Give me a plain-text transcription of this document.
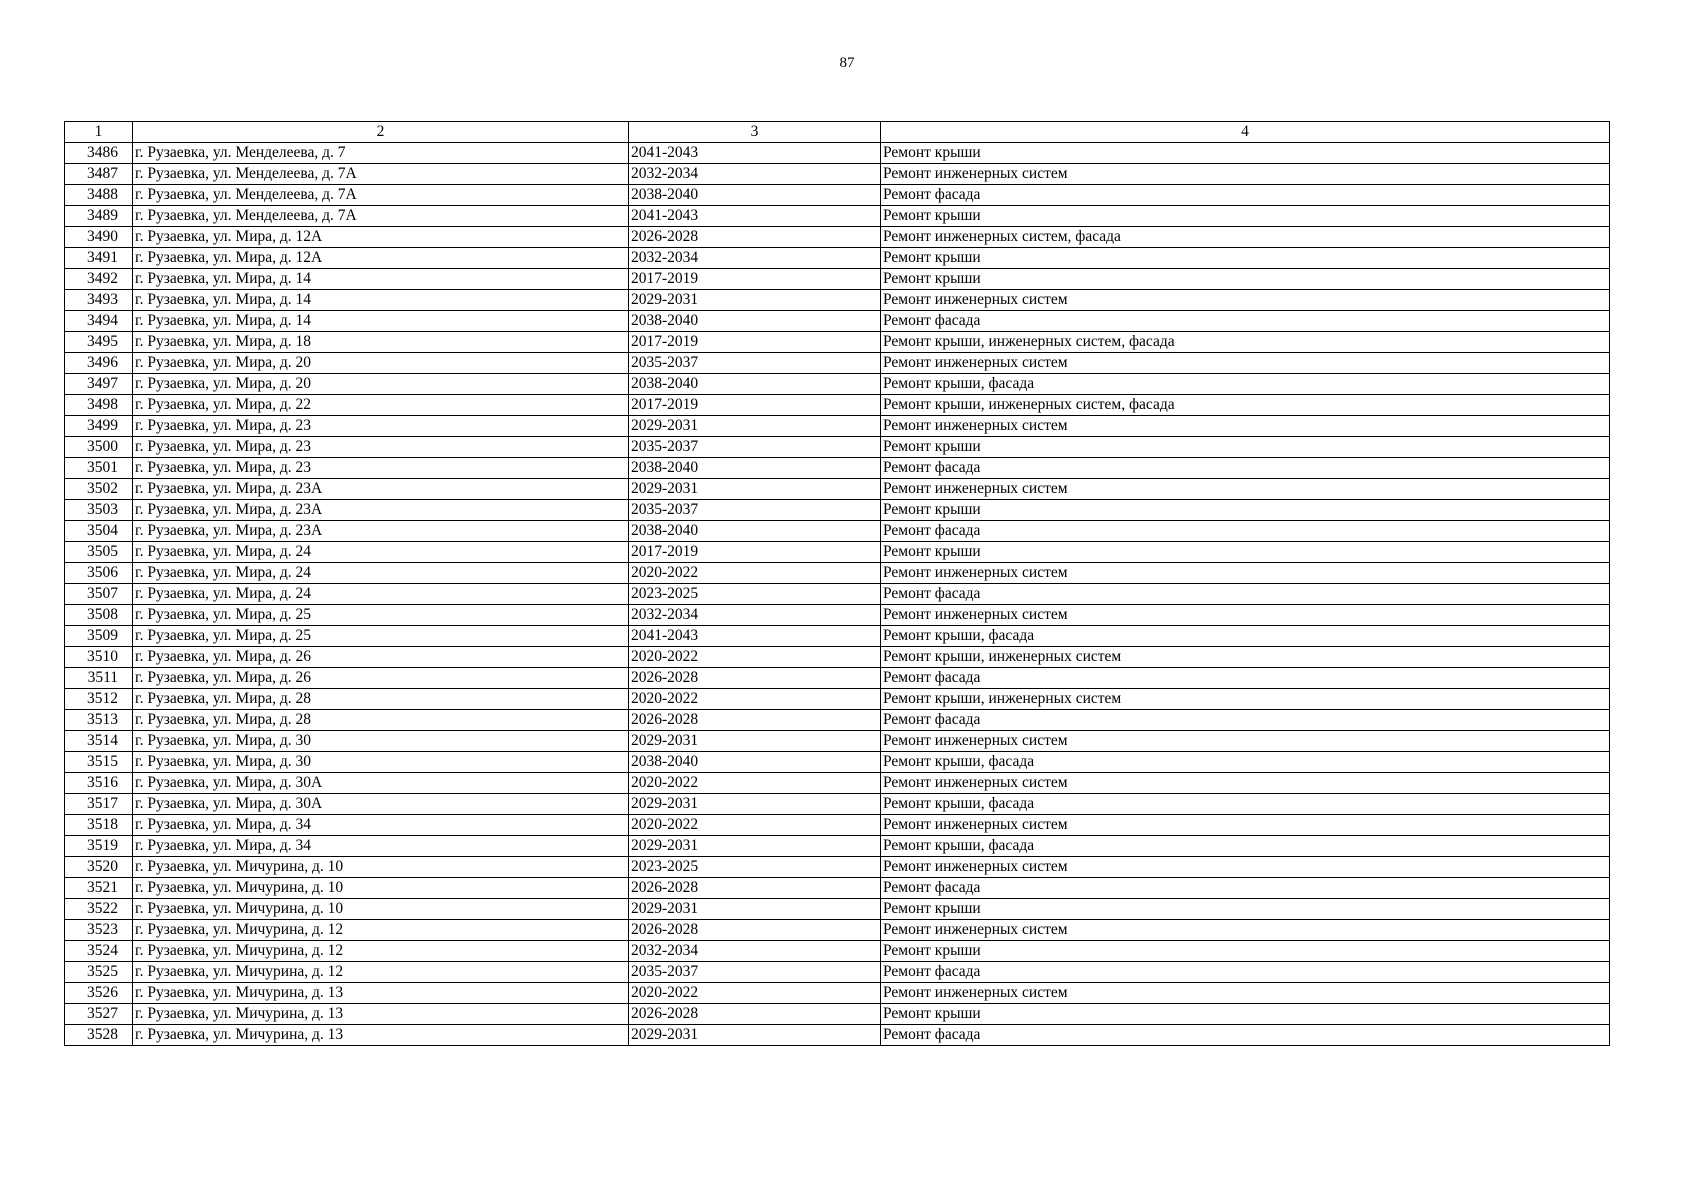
87
1	2	3	4
3486	г. Рузаевка, ул. Менделеева, д. 7	2041-2043	Ремонт крыши
3487	г. Рузаевка, ул. Менделеева, д. 7А	2032-2034	Ремонт инженерных систем
3488	г. Рузаевка, ул. Менделеева, д. 7А	2038-2040	Ремонт фасада
3489	г. Рузаевка, ул. Менделеева, д. 7А	2041-2043	Ремонт крыши
3490	г. Рузаевка, ул. Мира, д. 12А	2026-2028	Ремонт инженерных систем, фасада
3491	г. Рузаевка, ул. Мира, д. 12А	2032-2034	Ремонт крыши
3492	г. Рузаевка, ул. Мира, д. 14	2017-2019	Ремонт крыши
3493	г. Рузаевка, ул. Мира, д. 14	2029-2031	Ремонт инженерных систем
3494	г. Рузаевка, ул. Мира, д. 14	2038-2040	Ремонт фасада
3495	г. Рузаевка, ул. Мира, д. 18	2017-2019	Ремонт крыши, инженерных систем, фасада
3496	г. Рузаевка, ул. Мира, д. 20	2035-2037	Ремонт инженерных систем
3497	г. Рузаевка, ул. Мира, д. 20	2038-2040	Ремонт крыши, фасада
3498	г. Рузаевка, ул. Мира, д. 22	2017-2019	Ремонт крыши, инженерных систем, фасада
3499	г. Рузаевка, ул. Мира, д. 23	2029-2031	Ремонт инженерных систем
3500	г. Рузаевка, ул. Мира, д. 23	2035-2037	Ремонт крыши
3501	г. Рузаевка, ул. Мира, д. 23	2038-2040	Ремонт фасада
3502	г. Рузаевка, ул. Мира, д. 23А	2029-2031	Ремонт инженерных систем
3503	г. Рузаевка, ул. Мира, д. 23А	2035-2037	Ремонт крыши
3504	г. Рузаевка, ул. Мира, д. 23А	2038-2040	Ремонт фасада
3505	г. Рузаевка, ул. Мира, д. 24	2017-2019	Ремонт крыши
3506	г. Рузаевка, ул. Мира, д. 24	2020-2022	Ремонт инженерных систем
3507	г. Рузаевка, ул. Мира, д. 24	2023-2025	Ремонт фасада
3508	г. Рузаевка, ул. Мира, д. 25	2032-2034	Ремонт инженерных систем
3509	г. Рузаевка, ул. Мира, д. 25	2041-2043	Ремонт крыши, фасада
3510	г. Рузаевка, ул. Мира, д. 26	2020-2022	Ремонт крыши, инженерных систем
3511	г. Рузаевка, ул. Мира, д. 26	2026-2028	Ремонт фасада
3512	г. Рузаевка, ул. Мира, д. 28	2020-2022	Ремонт крыши, инженерных систем
3513	г. Рузаевка, ул. Мира, д. 28	2026-2028	Ремонт фасада
3514	г. Рузаевка, ул. Мира, д. 30	2029-2031	Ремонт инженерных систем
3515	г. Рузаевка, ул. Мира, д. 30	2038-2040	Ремонт крыши, фасада
3516	г. Рузаевка, ул. Мира, д. 30А	2020-2022	Ремонт инженерных систем
3517	г. Рузаевка, ул. Мира, д. 30А	2029-2031	Ремонт крыши, фасада
3518	г. Рузаевка, ул. Мира, д. 34	2020-2022	Ремонт инженерных систем
3519	г. Рузаевка, ул. Мира, д. 34	2029-2031	Ремонт крыши, фасада
3520	г. Рузаевка, ул. Мичурина, д. 10	2023-2025	Ремонт инженерных систем
3521	г. Рузаевка, ул. Мичурина, д. 10	2026-2028	Ремонт фасада
3522	г. Рузаевка, ул. Мичурина, д. 10	2029-2031	Ремонт крыши
3523	г. Рузаевка, ул. Мичурина, д. 12	2026-2028	Ремонт инженерных систем
3524	г. Рузаевка, ул. Мичурина, д. 12	2032-2034	Ремонт крыши
3525	г. Рузаевка, ул. Мичурина, д. 12	2035-2037	Ремонт фасада
3526	г. Рузаевка, ул. Мичурина, д. 13	2020-2022	Ремонт инженерных систем
3527	г. Рузаевка, ул. Мичурина, д. 13	2026-2028	Ремонт крыши
3528	г. Рузаевка, ул. Мичурина, д. 13	2029-2031	Ремонт фасада
